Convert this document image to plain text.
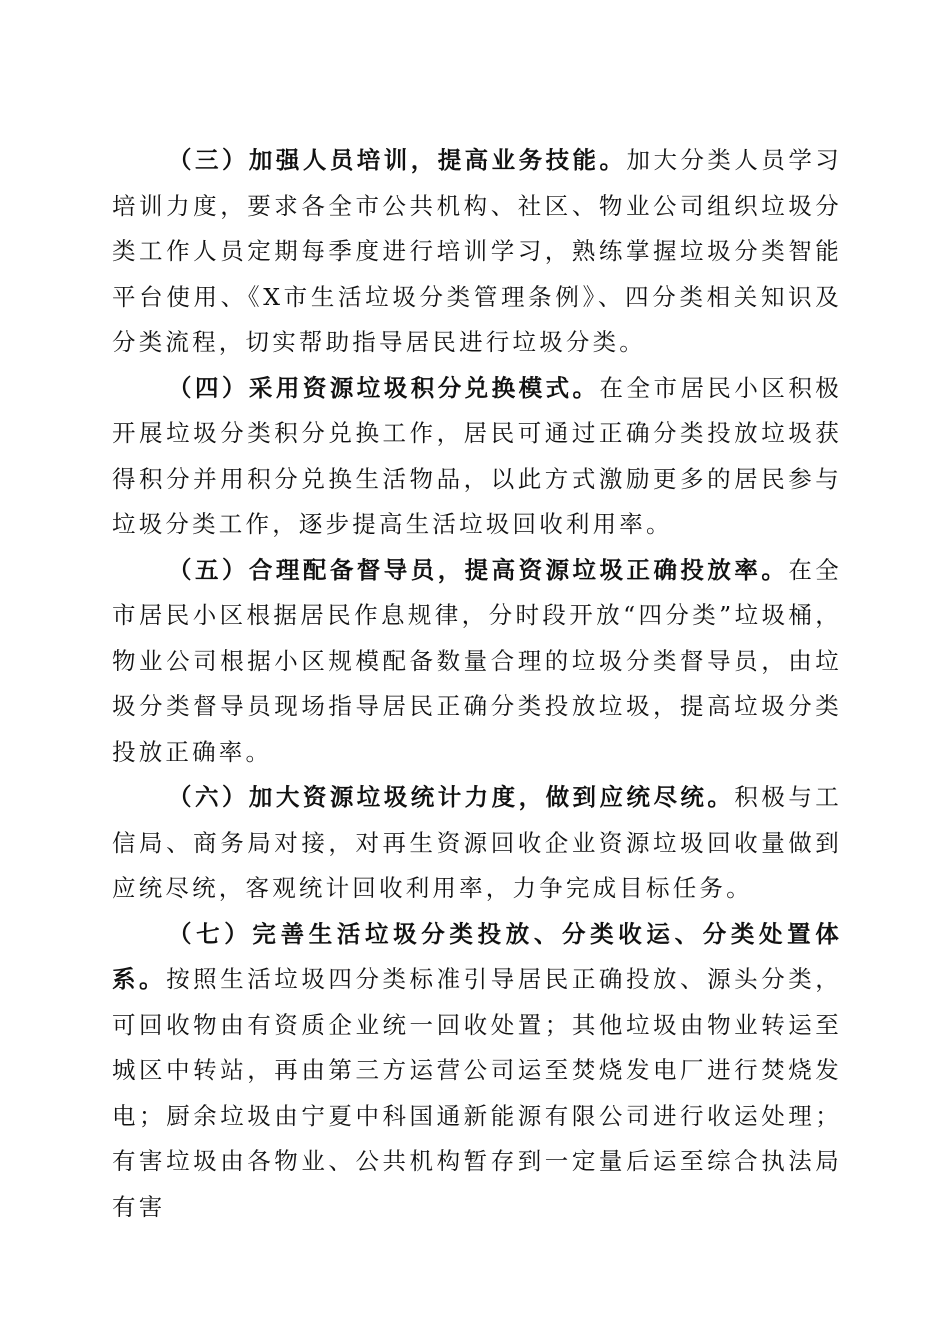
（三）加强人员培训，提高业务技能。加大分类人员学习培训力度，要求各全市公共机构、社区、物业公司组织垃圾分类工作人员定期每季度进行培训学习，熟练掌握垃圾分类智能平台使用、《X市生活垃圾分类管理条例》、四分类相关知识及分类流程，切实帮助指导居民进行垃圾分类。

（四）采用资源垃圾积分兑换模式。在全市居民小区积极开展垃圾分类积分兑换工作，居民可通过正确分类投放垃圾获得积分并用积分兑换生活物品，以此方式激励更多的居民参与垃圾分类工作，逐步提高生活垃圾回收利用率。

（五）合理配备督导员，提高资源垃圾正确投放率。在全市居民小区根据居民作息规律，分时段开放“四分类”垃圾桶，物业公司根据小区规模配备数量合理的垃圾分类督导员，由垃圾分类督导员现场指导居民正确分类投放垃圾，提高垃圾分类投放正确率。

（六）加大资源垃圾统计力度，做到应统尽统。积极与工信局、商务局对接，对再生资源回收企业资源垃圾回收量做到应统尽统，客观统计回收利用率，力争完成目标任务。

（七）完善生活垃圾分类投放、分类收运、分类处置体系。按照生活垃圾四分类标准引导居民正确投放、源头分类，可回收物由有资质企业统一回收处置；其他垃圾由物业转运至城区中转站，再由第三方运营公司运至焚烧发电厂进行焚烧发电；厨余垃圾由宁夏中科国通新能源有限公司进行收运处理；有害垃圾由各物业、公共机构暂存到一定量后运至综合执法局有害
